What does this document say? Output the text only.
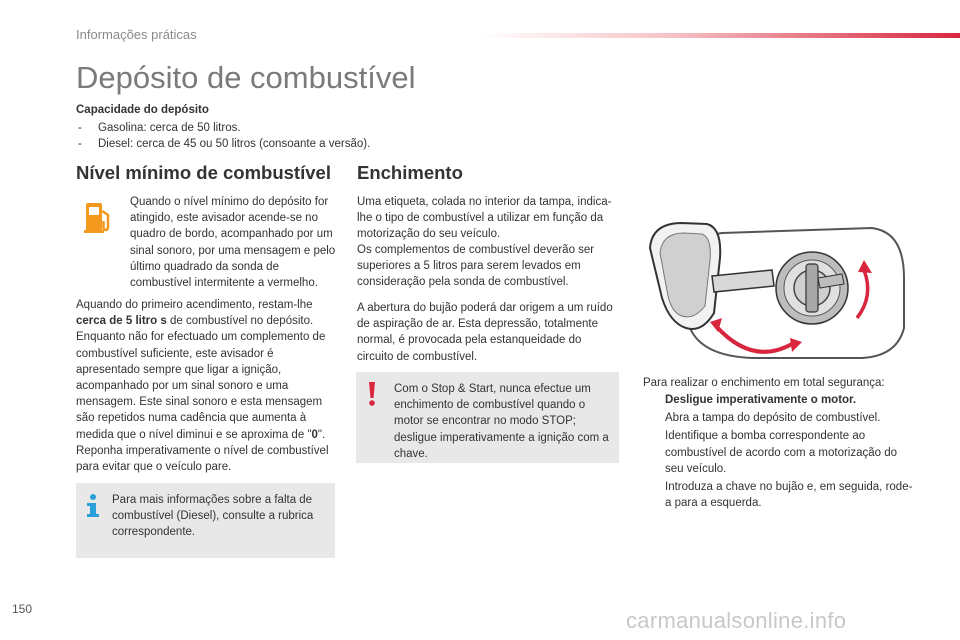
Informações práticas
Depósito de combustível
Capacidade do depósito
- Gasolina: cerca de 50 litros.
- Diesel: cerca de 45 ou 50 litros (consoante a versão).
Nível mínimo de combustível

Quando o nível mínimo do depósito for atingido, este avisador acende-se no quadro de bordo, acompanhado por um sinal sonoro, por uma mensagem e pelo último quadrado da sonda de combustível intermitente a vermelho.

Aquando do primeiro acendimento, restam-lhe cerca de 5 litro s de combustível no depósito. Enquanto não for efectuado um complemento de combustível suficiente, este avisador é apresentado sempre que ligar a ignição, acompanhado por um sinal sonoro e uma mensagem. Este sinal sonoro e esta mensagem são repetidos numa cadência que aumenta à medida que o nível diminui e se aproxima de "0". Reponha imperativamente o nível de combustível para evitar que o veículo pare.

Para mais informações sobre a falta de combustível (Diesel), consulte a rubrica correspondente.

Enchimento

Uma etiqueta, colada no interior da tampa, indica-lhe o tipo de combustível a utilizar em função da motorização do seu veículo.

Os complementos de combustível deverão ser superiores a 5 litros para serem levados em consideração pela sonda de combustível.

A abertura do bujão poderá dar origem a um ruído de aspiração de ar. Esta depressão, totalmente normal, é provocada pela estanqueidade do circuito de combustível.

Com o Stop & Start, nunca efectue um enchimento de combustível quando o motor se encontrar no modo STOP; desligue imperativamente a ignição com a chave.

Para realizar o enchimento em total segurança:

Desligue imperativamente o motor.
Abra a tampa do depósito de combustível.
Identifique a bomba correspondente ao combustível de acordo com a motorização do seu veículo.
Introduza a chave no bujão e, em seguida, rode-a para a esquerda.
150	carmanualsonline.info
